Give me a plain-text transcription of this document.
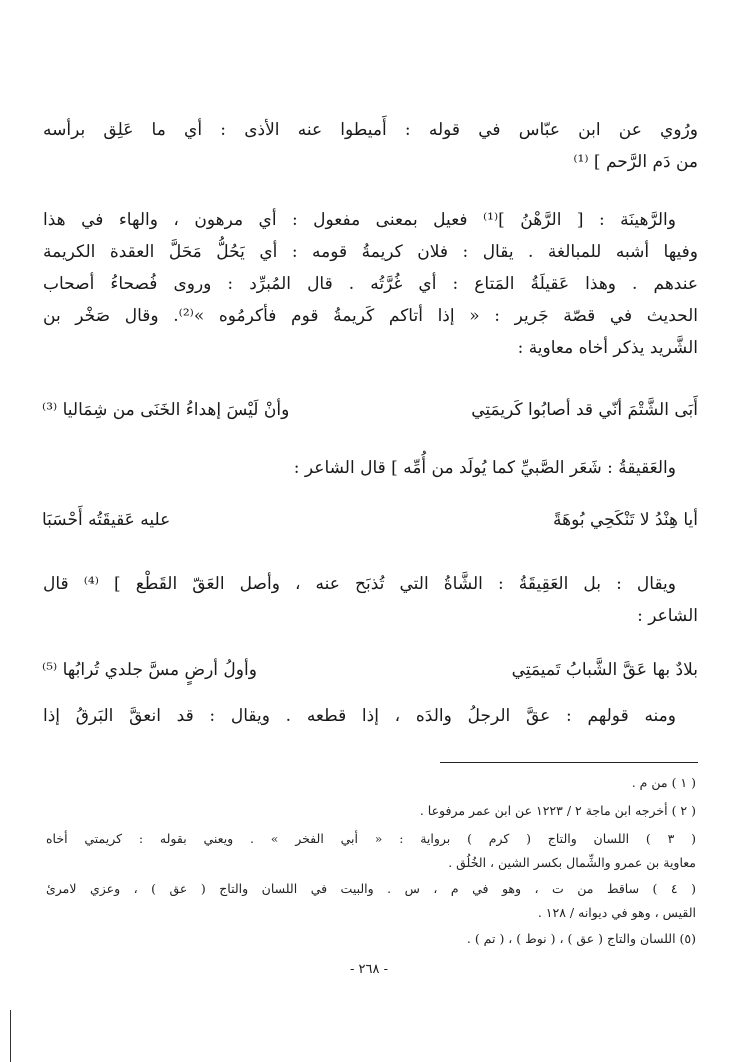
ورُوي عن ابن عبّاس في قوله : أَميطوا عنه الأذى : أي ما عَلِق برأسه
من دَم الرَّحم ] ⁽¹⁾
والرَّهينَة : [ الرَّهْنُ ]⁽¹⁾ فعيل بمعنى مفعول : أي مرهون ، والهاء في هذا
وفيها أشبه للمبالغة . يقال : فلان كريمةُ قومه : أي يَحُلُّ مَحَلَّ العقدة الكريمة
عندهم . وهذا عَقيلَةُ المَتاع : أي غُرَّتُه . قال المُبرِّد : وروى فُصحاءُ أصحاب
الحديث في قصّة جَرير : « إذا أتاكم كَريمةُ قوم فأكرمُوه »⁽²⁾. وقال صَخْر بن
الشَّريد يذكر أخاه معاوية :
أَبَى الشَّتْمَ أنّي قد أصابُوا كَريمَتِي
وأنْ لَيْسَ إهداءُ الخَنَى من شِمَاليا ⁽³⁾
والعَقيقةُ : شَعَر الصَّبيِّ كما يُولَد من أُمِّه ] قال الشاعر :
أيا هِنْدُ لا تَنْكَحِي بُوهَةً
عليه عَقيقَتُه أَحْسَبَا
ويقال : بل العَقِيقَةُ : الشَّاةُ التي تُذبَح عنه ، وأصل العَقّ القَطْع ] ⁽⁴⁾ قال
الشاعر :
بلادٌ بها عَقَّ الشَّبابُ تَميمَتِي
وأولُ أرضٍ مسَّ جلدي تُرابُها ⁽⁵⁾
ومنه قولهم : عقَّ الرجلُ والدَه ، إذا قطعه . ويقال : قد انعقَّ البَرقُ إذا
( ١ ) من م .
( ٢ ) أخرجه ابن ماجة ٢ / ١٢٢٣ عن ابن عمر مرفوعا .
( ٣ ) اللسان والتاج ( كرم ) برواية : « أبي الفخر » . ويعني بقوله : كريمتي أخاه
معاوية بن عمرو والشِّمال بكسر الشين ، الخُلُق .
( ٤ ) ساقط من ت ، وهو في م ، س . والبيت في اللسان والتاج ( عق ) ، وعزي لامرئ
القيس ، وهو في ديوانه / ١٢٨ .
(٥) اللسان والتاج ( عق ) ، ( نوط ) ، ( تم ) .
- ٢٦٨ -
